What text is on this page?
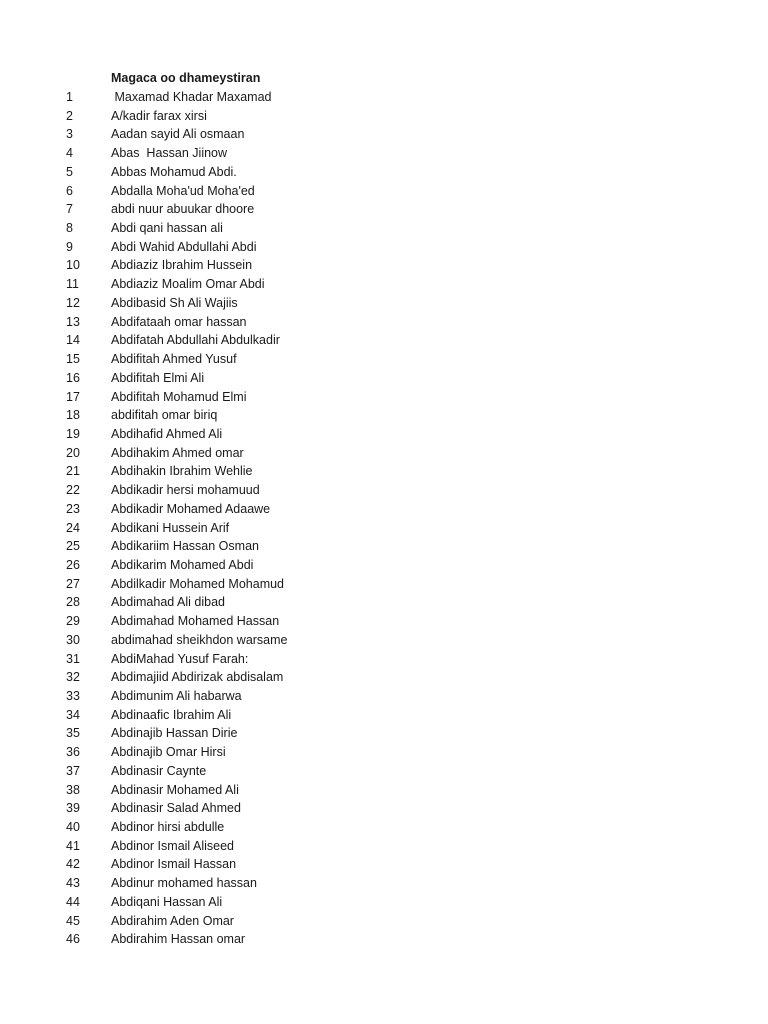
Magaca oo dhameystiran
1	Maxamad Khadar Maxamad
2	A/kadir farax xirsi
3	Aadan sayid Ali osmaan
4	Abas  Hassan Jiinow
5	Abbas Mohamud Abdi.
6	Abdalla Moha'ud Moha'ed
7	abdi nuur abuukar dhoore
8	Abdi qani hassan ali
9	Abdi Wahid Abdullahi Abdi
10 Abdiaziz Ibrahim Hussein
11	Abdiaziz Moalim Omar Abdi
12 Abdibasid Sh Ali Wajiis
13 Abdifataah omar hassan
14 Abdifatah Abdullahi Abdulkadir
15 Abdifitah Ahmed Yusuf
16 Abdifitah Elmi Ali
17 Abdifitah Mohamud Elmi
18 abdifitah omar biriq
19 Abdihafid Ahmed Ali
20 Abdihakim Ahmed omar
21 Abdihakin Ibrahim Wehlie
22 Abdikadir hersi mohamuud
23 Abdikadir Mohamed Adaawe
24 Abdikani Hussein Arif
25 Abdikariim Hassan Osman
26 Abdikarim Mohamed Abdi
27 Abdilkadir Mohamed Mohamud
28 Abdimahad Ali dibad
29 Abdimahad Mohamed Hassan
30 abdimahad sheikhdon warsame
31 AbdiMahad Yusuf Farah:
32 Abdimajiid Abdirizak abdisalam
33 Abdimunim Ali habarwa
34 Abdinaafic Ibrahim Ali
35 Abdinajib Hassan Dirie
36 Abdinajib Omar Hirsi
37 Abdinasir Caynte
38 Abdinasir Mohamed Ali
39 Abdinasir Salad Ahmed
40 Abdinor hirsi abdulle
41 Abdinor Ismail Aliseed
42 Abdinor Ismail Hassan
43 Abdinur mohamed hassan
44 Abdiqani Hassan Ali
45 Abdirahim Aden Omar
46 Abdirahim Hassan omar
